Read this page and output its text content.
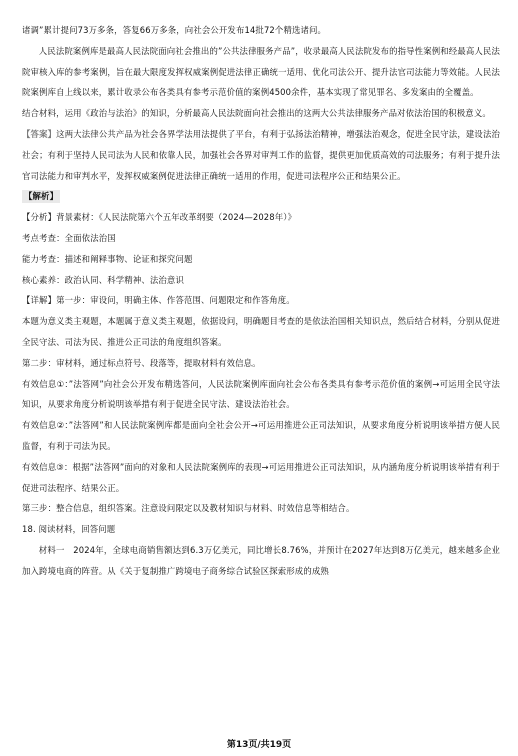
诸调”累计提问73万多条，答复66万多条，向社会公开发布14批72个精选诸问。

人民法院案例库是最高人民法院面向社会推出的”公共法律服务产品”，收录最高人民法院发布的指导性案例和经最高人民法院审核入库的参考案例，旨在最大限度发挥权威案例促进法律正确统一适用、优化司法公开、提升法官司法能力等效能。人民法院案例库自上线以来，累计收录公布各类具有参考示范价值的案例4500余件，基本实现了常见罪名、多发案由的全覆盖。

结合材料，运用《政治与法治》的知识，分析最高人民法院面向社会推出的这两大公共法律服务产品对依法治国的积极意义。

【答案】这两大法律公共产品为社会各界学法用法提供了平台，有利于弘扬法治精神，增强法治观念，促进全民守法，建设法治社会；有利于坚持人民司法为人民和依靠人民，加强社会各界对审判工作的监督，提供更加优质高效的司法服务；有利于提升法官司法能力和审判水平，发挥权威案例促进法律正确统一适用的作用，促进司法程序公正和结果公正。

【解析】

【分析】背景素材：《人民法院第六个五年改革纲要（2024—2028年）》

考点考查：全面依法治国

能力考查：描述和阐释事物、论证和探究问题

核心素养：政治认同、科学精神、法治意识

【详解】第一步：审设问，明确主体、作答范围、问题限定和作答角度。

本题为意义类主观题，本题属于意义类主观题，依据设问，明确题目考查的是依法治国相关知识点，然后结合材料，分别从促进全民守法、司法为民、推进公正司法的角度组织答案。

第二步：审材料，通过标点符号、段落等，提取材料有效信息。

有效信息①：”法答网”向社会公开发布精选答问，人民法院案例库面向社会公布各类具有参考示范价值的案例→可运用全民守法知识，从要求角度分析说明该举措有利于促进全民守法、建设法治社会。

有效信息②：”法答网”和人民法院案例库都是面向全社会公开→可运用推进公正司法知识，从要求角度分析说明该举措方便人民监督，有利于司法为民。

有效信息③：根据”法答网”面向的对象和人民法院案例库的表现→可运用推进公正司法知识，从内涵角度分析说明该举措有利于促进司法程序、结果公正。

第三步：整合信息，组织答案。注意设问限定以及教材知识与材料、时效信息等相结合。

18. 阅读材料，回答问题

材料一　2024年，全球电商销售额达到6.3万亿美元，同比增长8.76%，并预计在2027年达到8万亿美元，越来越多企业加入跨境电商的阵营。从《关于复制推广跨境电子商务综合试验区探索形成的成熟

第13页/共19页
